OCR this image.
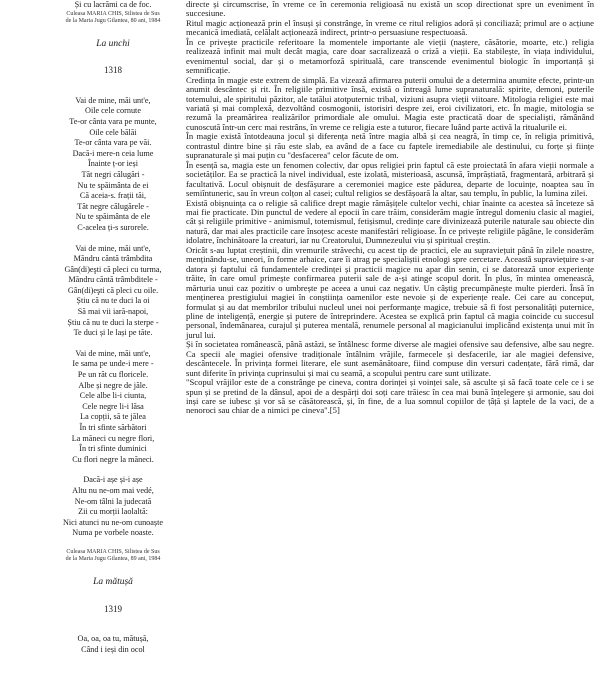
Și cu lacrămi ca de foc.
Culeasa MARIA CHIS, Silistea de Sus
de la Maria Jugu Gilantea, 80 ani, 1984
La unchi
1318
Vai de mine, măi unt'e,
Oile cele cornute
Te-or cânta vara pe munte,
Oile cele bălăi
Te-or cânta vara pe văi.
Dacă-i mere-n ceia lume
Înainte ț-or ieși
Tăt negri călugări -
Nu te spăimânta de ei
Că aceia-s. frații tăi,
Tăt negre călugărele -
Nu te spăimânta de ele
C-acelea ți-s surorele.
Vai de mine, măi unt'e,
Măndru căntă trâmbdita
Gân(di)eşti că pleci cu turma,
Măndru căntă trâmbditele -
Gân(di)eşti că pleci cu oile.
Știu că nu te duci la oi
Să mai vii iară-napoi,
Știu că nu te duci la sterpe -
Te duci și le lași pe tăte.
Vai de mine, măi unt'e,
Ie sama pe unde-i mere -
Pe un răt cu floricele.
Albe și negre de jăle.
Cele albe li-i ciunta,
Cele negre li-i lăsa
La copții, să te jălea
În tri sfinte sărbători
La măneci cu negre flori,
În tri sfinte duminici
Cu flori negre la măneci.
Dacă-i așe și-i așe
Altu nu ne-om mai vedé,
Ne-om tâlni la judecată
Zii cu morții laolaltă:
Nici atunci nu ne-om cunoaște
Numa pe vorbele noaste.
Culeasa MARIA CHIS, Silistea de Sus
de la Maria Jugu Gilantea, 89 ani, 1984
La mătușă
1319
Oa, oa, oa tu, mătușă,
Când i ieși din ocol

directe și circumscrise, în vreme ce în ceremonia religioasă nu există un scop directionat spre un eveniment în succesiune.

Ritul magic acționează prin el însuși și constrânge, în vreme ce ritul religios adoră și conciliază; primul are o acțiune mecanică imediată, celălalt acționează indirect, printr-o persuasiune respectuoasă.

În ce privește practicile referitoare la momentele importante ale vieții (naștere, căsătorie, moarte, etc.) religia realizează infinit mai mult decât magia, care doar sacralizează o criză a vieții. Ea stabilește, în viața individului, evenimentul social, dar și o metamorfoză spirituală, care transcende evenimentul biologic în importanță și semnificație.

Credința în magie este extrem de simplă. Ea vizează afirmarea puterii omului de a determina anumite efecte, printr-un anumit descântec și rit. În religiile primitive însă, există o întreagă lume supranaturală: spirite, demoni, puterile totemului, ale spiritului păzitor, ale tatălui atotputernic tribal, viziuni asupra vieții viitoare. Mitologia religiei este mai variată și mai complexă, dezvoltând cosmogonii, istorisiri despre zei, eroi civilizatori, etc. În magie, mitologia se rezumă la preamărirea realizărilor primordiale ale omului. Magia este practicată doar de specialiști, rămânând cunoscută într-un cerc mai restrâns, în vreme ce religia este a tuturor, fiecare luând parte activă la ritualurile ei.

În magie există întotdeauna jocul și diferența netă între magia albă și cea neagră, în timp ce, în religia primitivă, contrastul dintre bine și rău este slab, ea având de a face cu faptele iremediabile ale destinului, cu forțe și ființe supranaturale și mai puțin cu "desfacerea" celor făcute de om.

În esență sa, magia este un fenomen colectiv, dar opus religiei prin faptul că este proiectată în afara vieții normale a societăților. Ea se practică la nivel individual, este izolată, misterioasă, ascunsă, împrăștiată, fragmentară, arbitrară și facultativă. Locul obișnuit de desfășurare a ceremoniei magice este pădurea, departe de locuințe, noaptea sau în semiîntuneric, sau în vreun colțon al casei; cultul religios se desfășoară la altar, sau templu, în public, la lumina zilei.

Există obișnuința ca o religie să califice drept magie rămășițele cultelor vechi, chiar înainte ca acestea să înceteze să mai fie practicate. Din punctul de vedere al epocii în care trăim, considerăm magie întregul domeniu clasic al magiei, cât și religiile primitive - animismul, totemismul, fetișismul, credințe care divinizează puterile naturale sau obiecte din natură, dar mai ales practicile care însoțesc aceste manifestări religioase. În ce privește religiile păgâne, le considerăm idolatre, închinătoare la creaturi, iar nu Creatorului, Dumnezeului viu și spiritual creștin.

Oricât s-au luptat creștinii, din vremurile străvechi, cu acest tip de practici, ele au supraviețuit până în zilele noastre, menținându-se, uneori, în forme arhaice, care îi atrag pe specialiștii etnologi spre cercetare. Aceastǎ supraviețuire s-ar datora și faptului că fundamentele credinței și practicii magice nu apar din senin, ci se datorează unor experiențe trăite, în care omul primește confirmarea puterii sale de a-și atinge scopul dorit. În plus, în mintea omenească, mărturia unui caz pozitiv o umbrește pe aceea a unui caz negativ. Un câștig precumpănește multe pierderi. Însă în menținerea prestigiului magiei în conștiința oamenilor este nevoie și de experiențe reale. Cei care au conceput, formulat și au dat membrilor tribului nucleul unei noi performanțe magice, trebuie să fi fost personalități puternice, pline de inteligență, energie și putere de întreprindere. Acestea se explică prin faptul că magia coincide cu succesul personal, îndemânarea, curajul și puterea mentală, renumele personal al magicianului implicând existența unui mit în jurul lui.

Și în societatea românească, până astăzi, se întâlnesc forme diverse ale magiei ofensive sau defensive, albe sau negre. Ca specii ale magiei ofensive tradiționale întâlnim vrăjile, farmecele și desfacerile, iar ale magiei defensive, descântecele. În privința formei literare, ele sunt asemănătoare, fiind compuse din versuri cadențate, fără rimă, dar sunt diferite în privința cuprinsului și mai cu seamă, a scopului pentru care sunt utilizate.

"Scopul vrăjilor este de a constrânge pe cineva, contra dorinței și voinței sale, să asculte și să facă toate cele ce i se spun și se pretind de la dânsul, apoi de a despărți doi soți care trăiesc în cea mai bună înțelegere și armonie, sau doi inși care se iubesc și vor să se căsătorească, și, în fine, de a lua somnul copiilor de țâță și laptele de la vaci, de a nenoroci sau chiar de a nimici pe cineva".[5]
